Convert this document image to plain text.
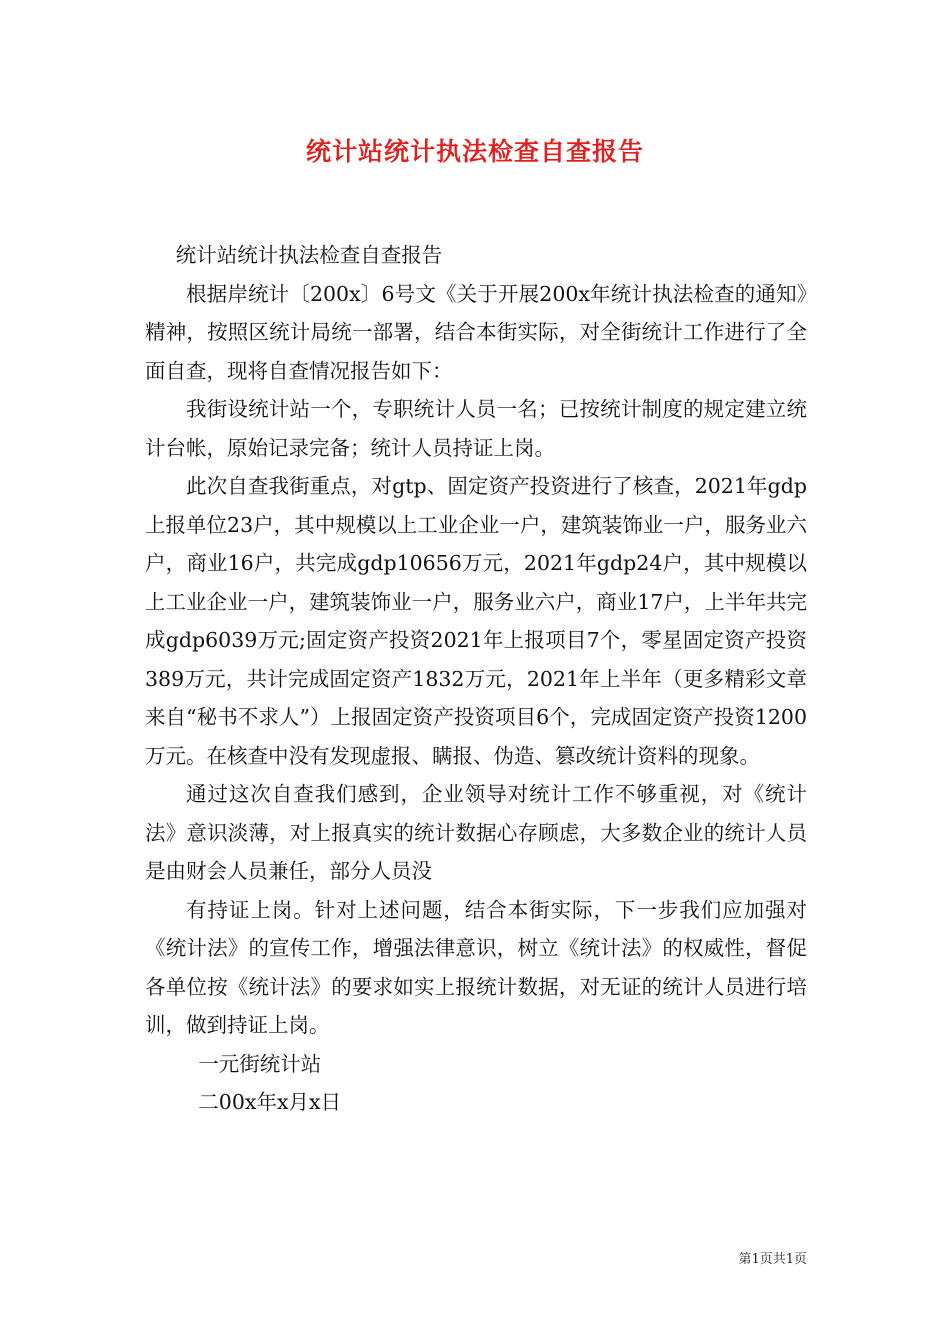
统计站统计执法检查自查报告

统计站统计执法检查自查报告

根据岸统计〔200x〕6号文《关于开展200x年统计执法检查的通知》精神，按照区统计局统一部署，结合本街实际，对全街统计工作进行了全面自查，现将自查情况报告如下：

我街设统计站一个，专职统计人员一名；已按统计制度的规定建立统计台帐，原始记录完备；统计人员持证上岗。

此次自查我街重点，对gtp、固定资产投资进行了核查，2021年gdp上报单位23户，其中规模以上工业企业一户，建筑装饰业一户，服务业六户，商业16户，共完成gdp10656万元，2021年gdp24户，其中规模以上工业企业一户，建筑装饰业一户，服务业六户，商业17户，上半年共完成gdp6039万元;固定资产投资2021年上报项目7个，零星固定资产投资389万元，共计完成固定资产1832万元，2021年上半年（更多精彩文章来自“秘书不求人”）上报固定资产投资项目6个，完成固定资产投资1200万元。在核查中没有发现虚报、瞒报、伪造、篡改统计资料的现象。

通过这次自查我们感到，企业领导对统计工作不够重视，对《统计法》意识淡薄，对上报真实的统计数据心存顾虑，大多数企业的统计人员是由财会人员兼任，部分人员没

有持证上岗。针对上述问题，结合本街实际，下一步我们应加强对《统计法》的宣传工作，增强法律意识，树立《统计法》的权威性，督促各单位按《统计法》的要求如实上报统计数据，对无证的统计人员进行培训，做到持证上岗。

一元街统计站

二00x年x月x日

第1页共1页
